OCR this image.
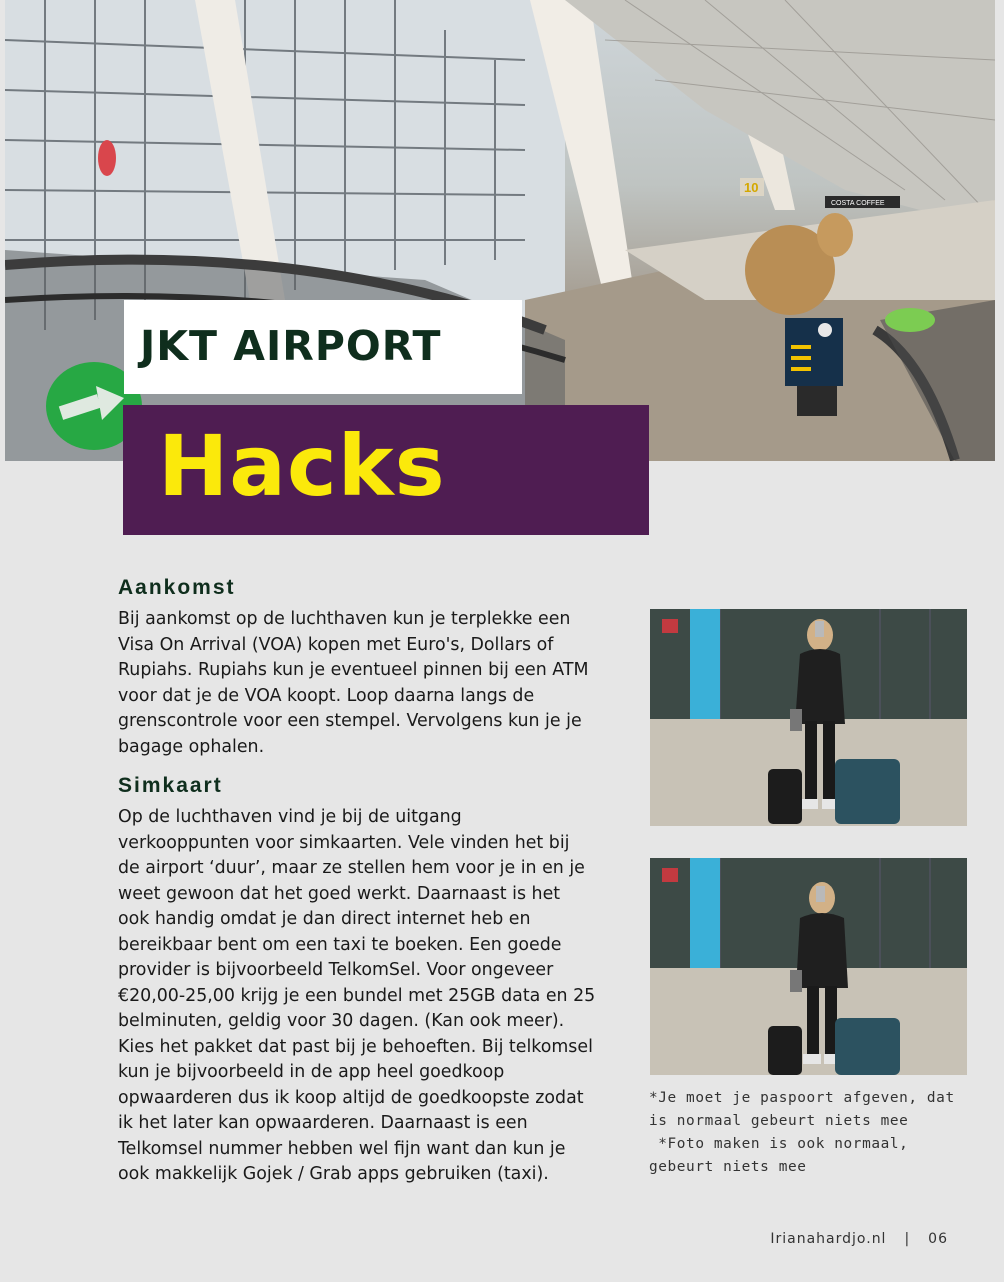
10
COSTA COFFEE
JKT AIRPORT
Hacks
Aankomst

Bij aankomst op de luchthaven kun je terplekke een Visa On Arrival (VOA) kopen met Euro's, Dollars of Rupiahs. Rupiahs kun je eventueel pinnen bij een ATM voor dat je de VOA koopt. Loop daarna langs de grenscontrole voor een stempel. Vervolgens kun je je bagage ophalen.

Simkaart

Op de luchthaven vind je bij de uitgang verkooppunten voor simkaarten. Vele vinden het bij de airport ‘duur’, maar ze stellen hem voor je in en je weet gewoon dat het goed werkt. Daarnaast is het ook handig omdat je dan direct internet heb en bereikbaar bent om een taxi te boeken. Een goede provider is bijvoorbeeld TelkomSel. Voor ongeveer €20,00-25,00 krijg je een bundel met 25GB data en 25 belminuten, geldig voor 30 dagen. (Kan ook meer). Kies het pakket dat past bij je behoeften. Bij telkomsel kun je bijvoorbeeld in de app heel goedkoop opwaarderen dus ik koop altijd de goedkoopste zodat ik het later kan opwaarderen. Daarnaast is een Telkomsel nummer hebben wel fijn want dan kun je ook makkelijk Gojek / Grab apps gebruiken (taxi).

*Je moet je paspoort afgeven, dat is normaal gebeurt niets mee
*Foto maken is ook normaal, gebeurt niets mee
Irianahardjo.nl | 06
